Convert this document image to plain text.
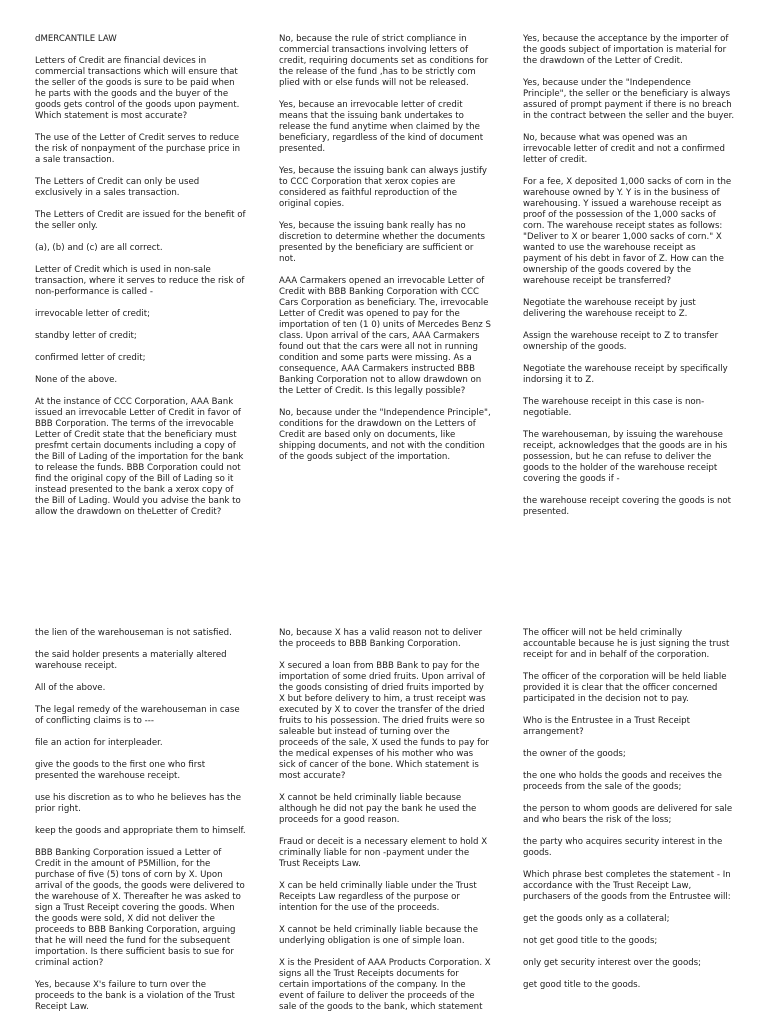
dMERCANTILE LAW

Letters of Credit are financial devices in commercial transactions which will ensure that the seller of the goods is sure to be paid when he parts with the goods and the buyer of the goods gets control of the goods upon payment. Which statement is most accurate?

The use of the Letter of Credit serves to reduce the risk of nonpayment of the purchase price in a sale transaction.

The Letters of Credit can only be used exclusively in a sales transaction.

The Letters of Credit are issued for the benefit of the seller only.

(a), (b) and (c) are all correct.

Letter of Credit which is used in non-sale transaction, where it serves to reduce the risk of non-performance is called -

irrevocable letter of credit;

standby letter of credit;

confirmed letter of credit;

None of the above.

At the instance of CCC Corporation, AAA Bank issued an irrevocable Letter of Credit in favor of BBB Corporation. The terms of the irrevocable Letter of Credit state that the beneficiary must presfmt certain documents including a copy of the Bill of Lading of the importation for the bank to release the funds. BBB Corporation could not find the original copy of the Bill of Lading so it instead presented to the bank a xerox copy of the Bill of Lading. Would you advise the bank to allow the drawdown on theLetter of Credit?

No, because the rule of strict compliance in commercial transactions involving letters of credit, requiring documents set as conditions for the release of the fund ,has to be strictly com plied with or else funds will not be released.

Yes, because an irrevocable letter of credit means that the issuing bank undertakes to release the fund anytime when claimed by the beneficiary, regardless of the kind of document presented.

Yes, because the issuing bank can always justify to CCC Corporation that xerox copies are considered as faithful reproduction of the original copies.

Yes, because the issuing bank really has no discretion to determine whether the documents presented by the beneficiary are sufficient or not.

AAA Carmakers opened an irrevocable Letter of Credit with BBB Banking Corporation with CCC Cars Corporation as beneficiary. The, irrevocable Letter of Credit was opened to pay for the importation of ten (1 0) units of Mercedes Benz S class. Upon arrival of the cars, AAA Carmakers found out that the cars were all not in running condition and some parts were missing. As a consequence, AAA Carmakers instructed BBB Banking Corporation not to allow drawdown on the Letter of Credit. Is this legally possible?

No, because under the "Independence Principle", conditions for the drawdown on the Letters of Credit are based only on documents, like shipping documents, and not with the condition of the goods subject of the importation.

Yes, because the acceptance by the importer of the goods subject of importation is material for the drawdown of the Letter of Credit.

Yes, because under the "Independence Principle", the seller or the beneficiary is always assured of prompt payment if there is no breach in the contract between the seller and the buyer.

No, because what was opened was an irrevocable letter of credit and not a confirmed letter of credit.

For a fee, X deposited 1,000 sacks of corn in the warehouse owned by Y. Y is in the business of warehousing. Y issued a warehouse receipt as proof of the possession of the 1,000 sacks of corn. The warehouse receipt states as follows: "Deliver to X or bearer 1,000 sacks of corn." X wanted to use the warehouse receipt as payment of his debt in favor of Z. How can the ownership of the goods covered by the warehouse receipt be transferred?

Negotiate the warehouse receipt by just delivering the warehouse receipt to Z.

Assign the warehouse receipt to Z to transfer ownership of the goods.

Negotiate the warehouse receipt by specifically indorsing it to Z.

The warehouse receipt in this case is non-negotiable.

The warehouseman, by issuing the warehouse receipt, acknowledges that the goods are in his possession, but he can refuse to deliver the goods to the holder of the warehouse receipt covering the goods if -

the warehouse receipt covering the goods is not presented.

the lien of the warehouseman is not satisfied.

the said holder presents a materially altered warehouse receipt.

All of the above.

The legal remedy of the warehouseman in case of conflicting claims is to ---

file an action for interpleader.

give the goods to the first one who first presented the warehouse receipt.

use his discretion as to who he believes has the prior right.

keep the goods and appropriate them to himself.

BBB Banking Corporation issued a Letter of Credit in the amount of P5Million, for the purchase of five (5) tons of corn by X. Upon arrival of the goods, the goods were delivered to the warehouse of X. Thereafter he was asked to sign a Trust Receipt covering the goods. When the goods were sold, X did not deliver the proceeds to BBB Banking Corporation, arguing that he will need the fund for the subsequent importation. Is there sufficient basis to sue for criminal action?

Yes, because X's failure to turn over the proceeds to the bank is a violation of the Trust Receipt Law.

No, because X has a valid reason not to deliver the proceeds to BBB Banking Corporation.

X secured a loan from BBB Bank to pay for the importation of some dried fruits. Upon arrival of the goods consisting of dried fruits imported by X but before delivery to him, a trust receipt was executed by X to cover the transfer of the dried fruits to his possession. The dried fruits were so saleable but instead of turning over the proceeds of the sale, X used the funds to pay for the medical expenses of his mother who was sick of cancer of the bone. Which statement is most accurate?

X cannot be held criminally liable because although he did not pay the bank he used the proceeds for a good reason.

Fraud or deceit is a necessary element to hold X criminally liable for non -payment under the Trust Receipts Law.

X can be held criminally liable under the Trust Receipts Law regardless of the purpose or intention for the use of the proceeds.

X cannot be held criminally liable because the underlying obligation is one of simple loan.

X is the President of AAA Products Corporation. X signs all the Trust Receipts documents for certain importations of the company. In the event of failure to deliver the proceeds of the sale of the goods to the bank, which statement

The officer will not be held criminally accountable because he is just signing the trust receipt for and in behalf of the corporation.

The officer of the corporation will be held liable provided it is clear that the officer concerned participated in the decision not to pay.

Who is the Entrustee in a Trust Receipt arrangement?

the owner of the goods;

the one who holds the goods and receives the proceeds from the sale of the goods;

the person to whom goods are delivered for sale and who bears the risk of the loss;

the party who acquires security interest in the goods.

Which phrase best completes the statement - In accordance with the Trust Receipt Law, purchasers of the goods from the Entrustee will:

get the goods only as a collateral;

not get good title to the goods;

only get security interest over the goods;

get good title to the goods.
